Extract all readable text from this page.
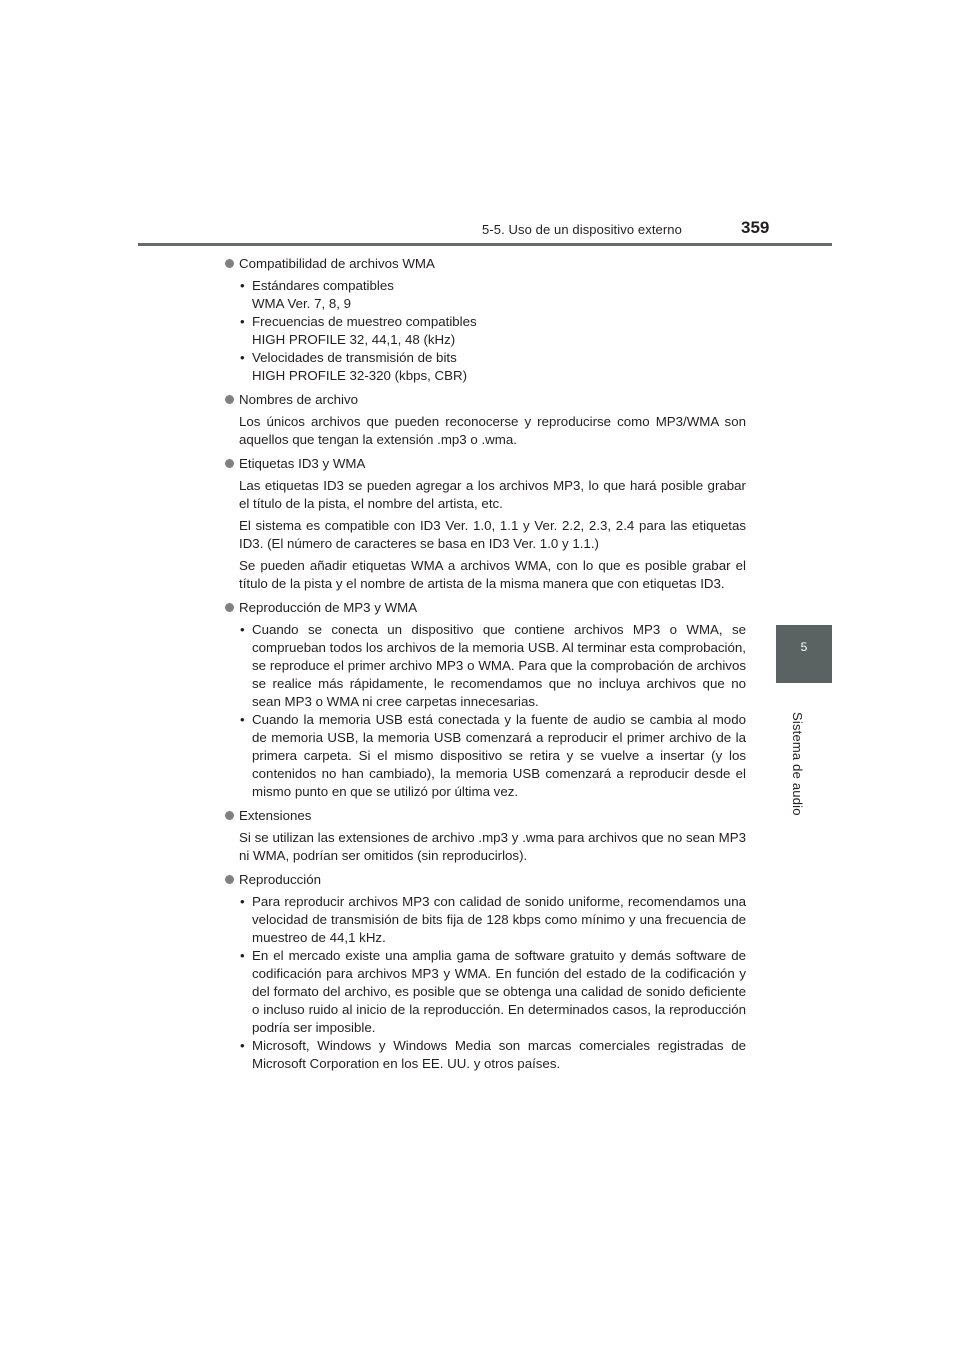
5-5. Uso de un dispositivo externo	359
5
Sistema de audio
Compatibilidad de archivos WMA
• Estándares compatibles
WMA Ver. 7, 8, 9
• Frecuencias de muestreo compatibles
HIGH PROFILE 32, 44,1, 48 (kHz)
• Velocidades de transmisión de bits
HIGH PROFILE 32-320 (kbps, CBR)
Nombres de archivo

Los únicos archivos que pueden reconocerse y reproducirse como MP3/WMA son aquellos que tengan la extensión .mp3 o .wma.

Etiquetas ID3 y WMA

Las etiquetas ID3 se pueden agregar a los archivos MP3, lo que hará posible grabar el título de la pista, el nombre del artista, etc.

El sistema es compatible con ID3 Ver. 1.0, 1.1 y Ver. 2.2, 2.3, 2.4 para las etiquetas ID3. (El número de caracteres se basa en ID3 Ver. 1.0 y 1.1.)

Se pueden añadir etiquetas WMA a archivos WMA, con lo que es posible grabar el título de la pista y el nombre de artista de la misma manera que con etiquetas ID3.

Reproducción de MP3 y WMA
• Cuando se conecta un dispositivo que contiene archivos MP3 o WMA, se comprueban todos los archivos de la memoria USB. Al terminar esta comprobación, se reproduce el primer archivo MP3 o WMA. Para que la comprobación de archivos se realice más rápidamente, le recomendamos que no incluya archivos que no sean MP3 o WMA ni cree carpetas innecesarias.
• Cuando la memoria USB está conectada y la fuente de audio se cambia al modo de memoria USB, la memoria USB comenzará a reproducir el primer archivo de la primera carpeta. Si el mismo dispositivo se retira y se vuelve a insertar (y los contenidos no han cambiado), la memoria USB comenzará a reproducir desde el mismo punto en que se utilizó por última vez.
Extensiones

Si se utilizan las extensiones de archivo .mp3 y .wma para archivos que no sean MP3 ni WMA, podrían ser omitidos (sin reproducirlos).

Reproducción
• Para reproducir archivos MP3 con calidad de sonido uniforme, recomendamos una velocidad de transmisión de bits fija de 128 kbps como mínimo y una frecuencia de muestreo de 44,1 kHz.
• En el mercado existe una amplia gama de software gratuito y demás software de codificación para archivos MP3 y WMA. En función del estado de la codificación y del formato del archivo, es posible que se obtenga una calidad de sonido deficiente o incluso ruido al inicio de la reproducción. En determinados casos, la reproducción podría ser imposible.
• Microsoft, Windows y Windows Media son marcas comerciales registradas de Microsoft Corporation en los EE. UU. y otros países.
